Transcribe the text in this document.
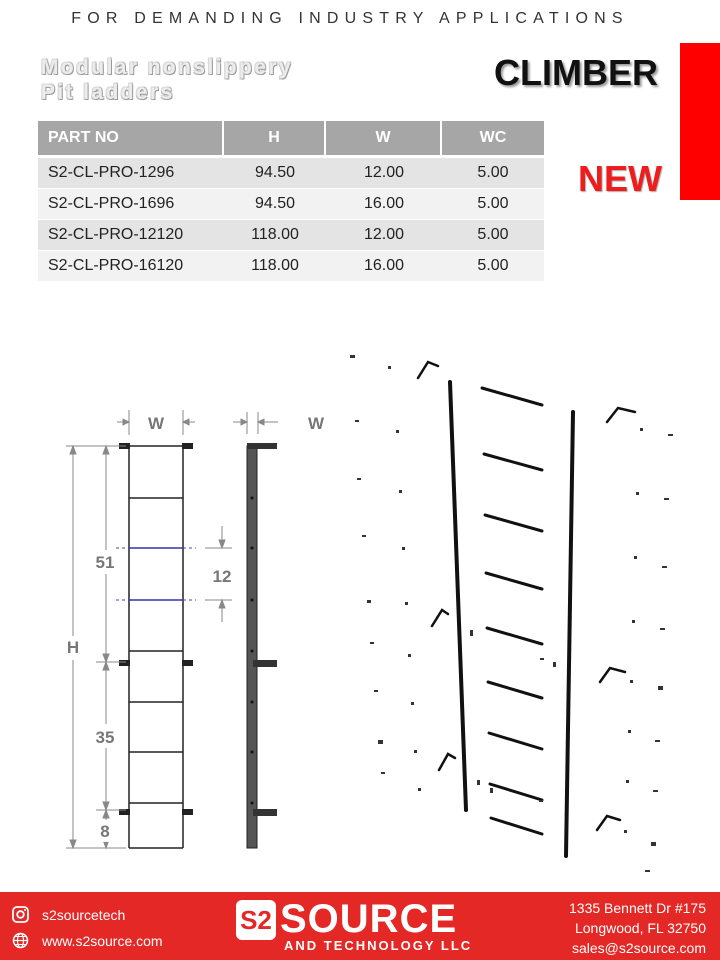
FOR DEMANDING INDUSTRY APPLICATIONS
Modular nonslippery
Pit ladders	CLIMBER
NEW
PART NO	H	W	WC
S2-CL-PRO-1296	94.50	12.00	5.00
S2-CL-PRO-1696	94.50	16.00	5.00
S2-CL-PRO-12120	118.00	12.00	5.00
S2-CL-PRO-16120	118.00	16.00	5.00
W
H
51
35
8
12
W
s2sourcetech
www.s2source.com
S2 SOURCE
AND TECHNOLOGY LLC
1335 Bennett Dr #175
Longwood, FL 32750
sales@s2source.com
